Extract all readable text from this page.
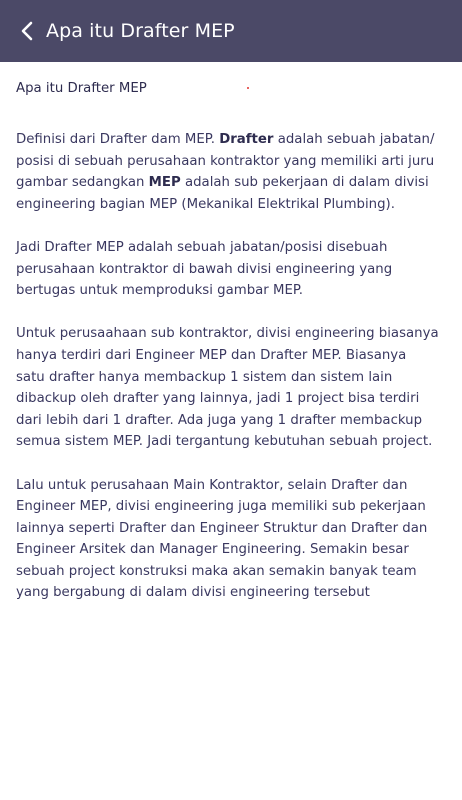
Apa itu Drafter MEP
Apa itu Drafter MEP
Definisi dari Drafter dam MEP. Drafter adalah sebuah jabatan/
posisi di sebuah perusahaan kontraktor yang memiliki arti juru
gambar sedangkan MEP adalah sub pekerjaan di dalam divisi
engineering bagian MEP (Mekanikal Elektrikal Plumbing).
Jadi Drafter MEP adalah sebuah jabatan/posisi disebuah
perusahaan kontraktor di bawah divisi engineering yang
bertugas untuk memproduksi gambar MEP.
Untuk perusaahaan sub kontraktor, divisi engineering biasanya
hanya terdiri dari Engineer MEP dan Drafter MEP. Biasanya
satu drafter hanya membackup 1 sistem dan sistem lain
dibackup oleh drafter yang lainnya, jadi 1 project bisa terdiri
dari lebih dari 1 drafter. Ada juga yang 1 drafter membackup
semua sistem MEP. Jadi tergantung kebutuhan sebuah project.
Lalu untuk perusahaan Main Kontraktor, selain Drafter dan
Engineer MEP, divisi engineering juga memiliki sub pekerjaan
lainnya seperti Drafter dan Engineer Struktur dan Drafter dan
Engineer Arsitek dan Manager Engineering. Semakin besar
sebuah project konstruksi maka akan semakin banyak team
yang bergabung di dalam divisi engineering tersebut
